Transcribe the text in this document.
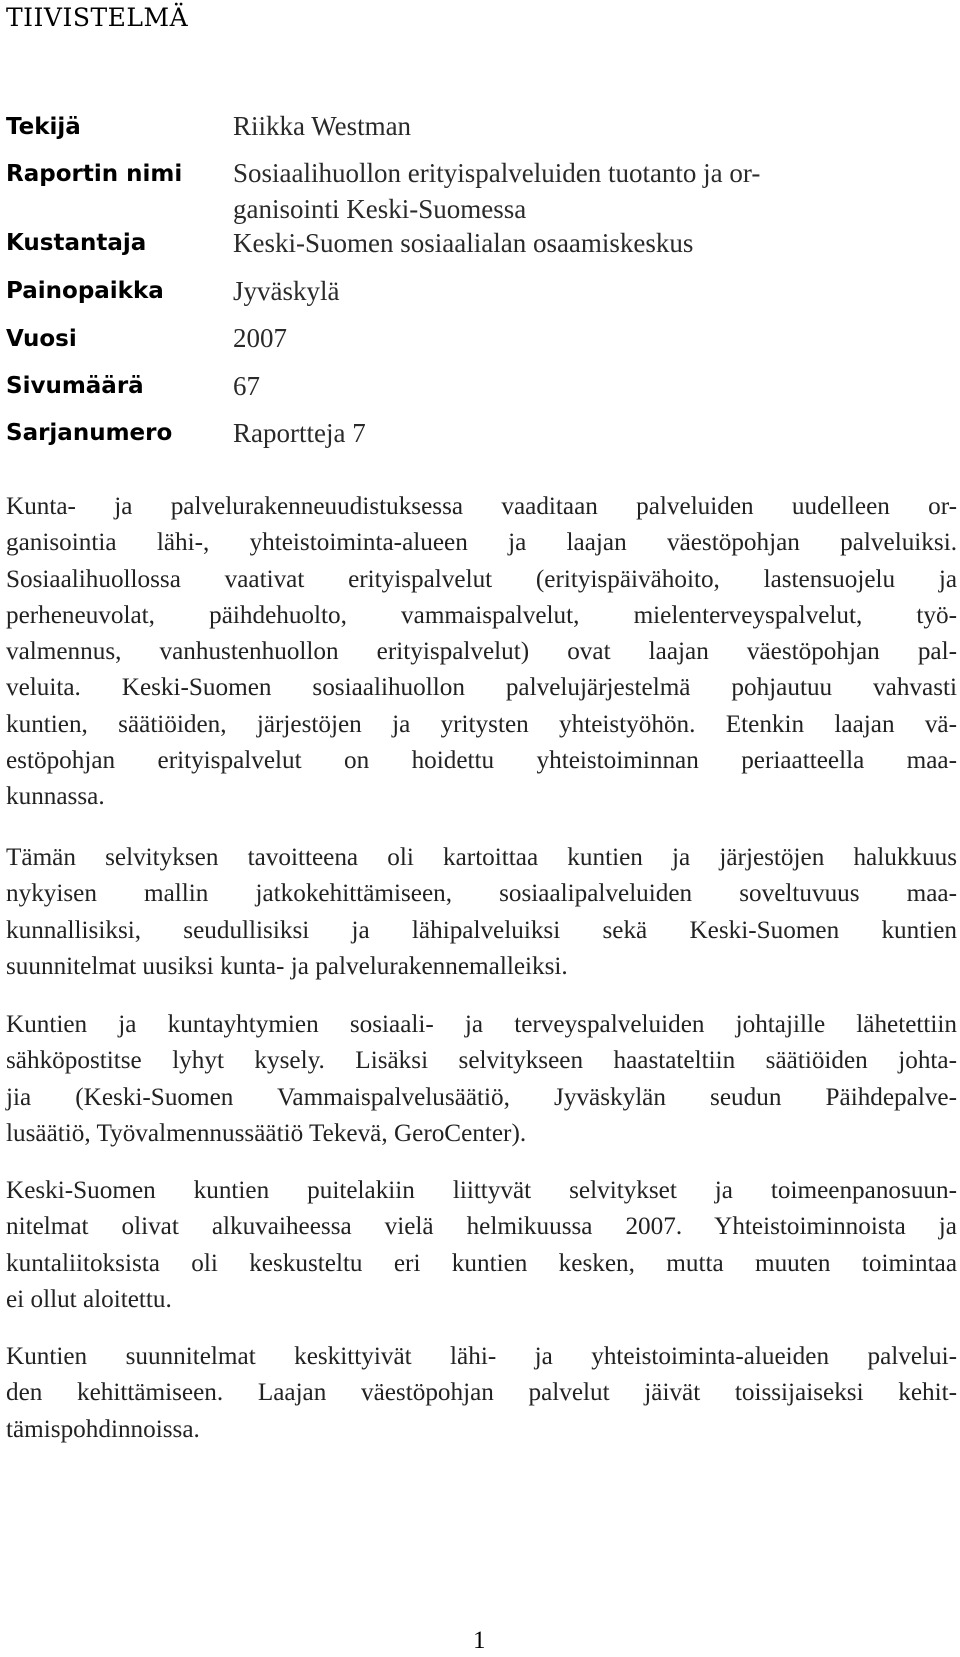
TIIVISTELMÄ
Tekijä	Riikka Westman
Raportin nimi Sosiaalihuollon erityispalveluiden tuotanto ja or-
ganisointi Keski-Suomessa
Kustantaja	Keski-Suomen sosiaalialan osaamiskeskus
Painopaikka	Jyväskylä
Vuosi	2007
Sivumäärä	67
Sarjanumero Raportteja 7
Kunta- ja palvelurakenneuudistuksessa vaaditaan palveluiden uudelleen or-
ganisointia lähi-, yhteistoiminta-alueen ja laajan väestöpohjan palveluiksi.
Sosiaalihuollossa vaativat erityispalvelut (erityispäivähoito, lastensuojelu ja
perheneuvolat, päihdehuolto, vammaispalvelut, mielenterveyspalvelut, työ-
valmennus, vanhustenhuollon erityispalvelut) ovat laajan väestöpohjan pal-
veluita. Keski-Suomen sosiaalihuollon palvelujärjestelmä pohjautuu vahvasti
kuntien, säätiöiden, järjestöjen ja yritysten yhteistyöhön. Etenkin laajan vä-
estöpohjan erityispalvelut on hoidettu yhteistoiminnan periaatteella maa-
kunnassa.
Tämän selvityksen tavoitteena oli kartoittaa kuntien ja järjestöjen halukkuus
nykyisen mallin jatkokehittämiseen, sosiaalipalveluiden soveltuvuus maa-
kunnallisiksi, seudullisiksi ja lähipalveluiksi sekä Keski-Suomen kuntien
suunnitelmat uusiksi kunta- ja palvelurakennemalleiksi.
Kuntien ja kuntayhtymien sosiaali- ja terveyspalveluiden johtajille lähetettiin
sähköpostitse lyhyt kysely. Lisäksi selvitykseen haastateltiin säätiöiden johta-
jia (Keski-Suomen Vammaispalvelusäätiö, Jyväskylän seudun Päihdepalve-
lusäätiö, Työvalmennussäätiö Tekevä, GeroCenter).
Keski-Suomen kuntien puitelakiin liittyvät selvitykset ja toimeenpanosuun-
nitelmat olivat alkuvaiheessa vielä helmikuussa 2007. Yhteistoiminnoista ja
kuntaliitoksista oli keskusteltu eri kuntien kesken, mutta muuten toimintaa
ei ollut aloitettu.
Kuntien suunnitelmat keskittyivät lähi- ja yhteistoiminta-alueiden palvelui-
den kehittämiseen. Laajan väestöpohjan palvelut jäivät toissijaiseksi kehit-
tämispohdinnoissa.
1
